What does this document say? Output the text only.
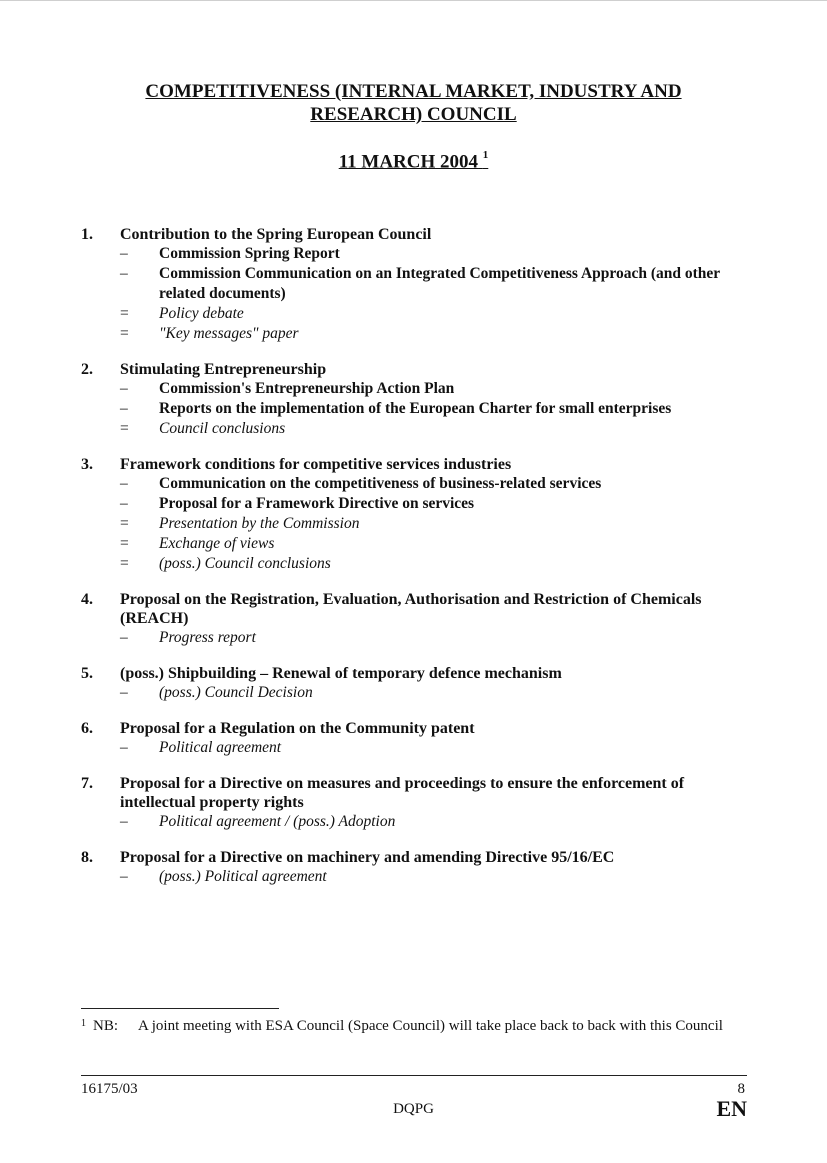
COMPETITIVENESS (INTERNAL MARKET, INDUSTRY AND
RESEARCH) COUNCIL
11 MARCH 2004 $^1$
1. Contribution to the Spring European Council
–	Commission Spring Report
–	Commission Communication on an Integrated Competitiveness Approach (and other related documents)
=	Policy debate
=	"Key messages" paper
2. Stimulating Entrepreneurship
–	Commission's Entrepreneurship Action Plan
–	Reports on the implementation of the European Charter for small enterprises
=	Council conclusions
3. Framework conditions for competitive services industries
–	Communication on the competitiveness of business-related services
–	Proposal for a Framework Directive on services
=	Presentation by the Commission
=	Exchange of views
=	(poss.) Council conclusions
4. Proposal on the Registration, Evaluation, Authorisation and Restriction of Chemicals (REACH)
–	Progress report
5. (poss.) Shipbuilding – Renewal of temporary defence mechanism
–	(poss.) Council Decision
6. Proposal for a Regulation on the Community patent
–	Political agreement
7. Proposal for a Directive on measures and proceedings to ensure the enforcement of intellectual property rights
–	Political agreement / (poss.) Adoption
8. Proposal for a Directive on machinery and amending Directive 95/16/EC
–	(poss.) Political agreement
1 NB: A joint meeting with ESA Council (Space Council) will take place back to back with this Council
16175/03	8
DQPG	EN
